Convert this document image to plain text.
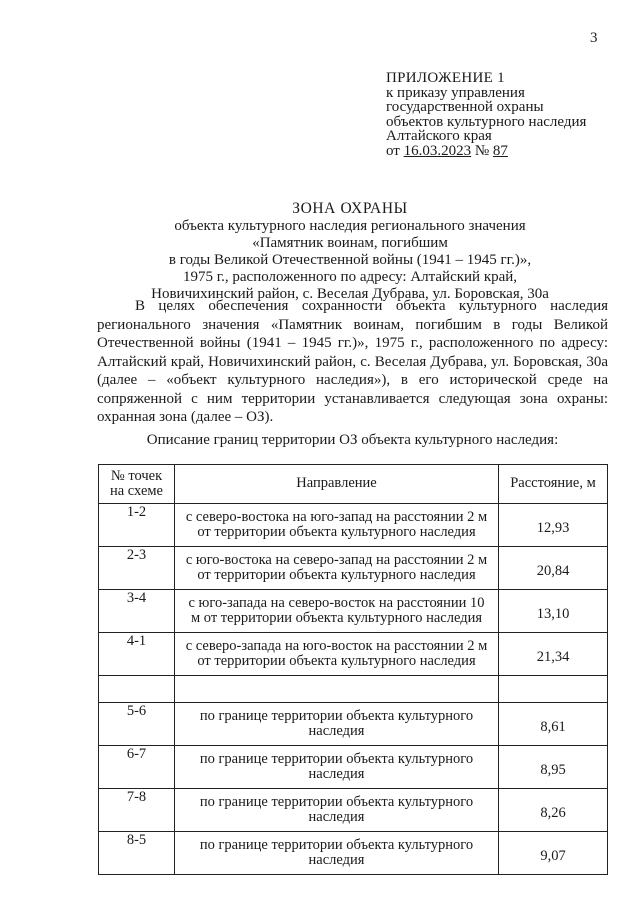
3
ПРИЛОЖЕНИЕ 1
к приказу управления
государственной охраны
объектов культурного наследия
Алтайского края
от 16.03.2023 № 87
ЗОНА ОХРАНЫ
объекта культурного наследия регионального значения
«Памятник воинам, погибшим
в годы Великой Отечественной войны (1941 – 1945 гг.)»,
1975 г., расположенного по адресу: Алтайский край,
Новичихинский район, с. Веселая Дубрава, ул. Боровская, 30а
В целях обеспечения сохранности объекта культурного наследия регионального значения «Памятник воинам, погибшим в годы Великой Отечественной войны (1941 – 1945 гг.)», 1975 г., расположенного по адресу: Алтайский край, Новичихинский район, с. Веселая Дубрава, ул. Боровская, 30а (далее – «объект культурного наследия»), в его исторической среде на сопряженной с ним территории устанавливается следующая зона охраны: охранная зона (далее – ОЗ).
Описание границ территории ОЗ объекта культурного наследия:
№ точек
на схеме	Направление	Расстояние, м
1-2	с северо-востока на юго-запад на расстоянии 2 м
от территории объекта культурного наследия	12,93
2-3	с юго-востока на северо-запад на расстоянии 2 м
от территории объекта культурного наследия	20,84
3-4	с юго-запада на северо-восток на расстоянии 10
м от территории объекта культурного наследия	13,10
4-1	с северо-запада на юго-восток на расстоянии 2 м
от территории объекта культурного наследия	21,34

5-6	по границе территории объекта культурного
наследия	8,61
6-7	по границе территории объекта культурного
наследия	8,95
7-8	по границе территории объекта культурного
наследия	8,26
8-5	по границе территории объекта культурного
наследия	9,07
